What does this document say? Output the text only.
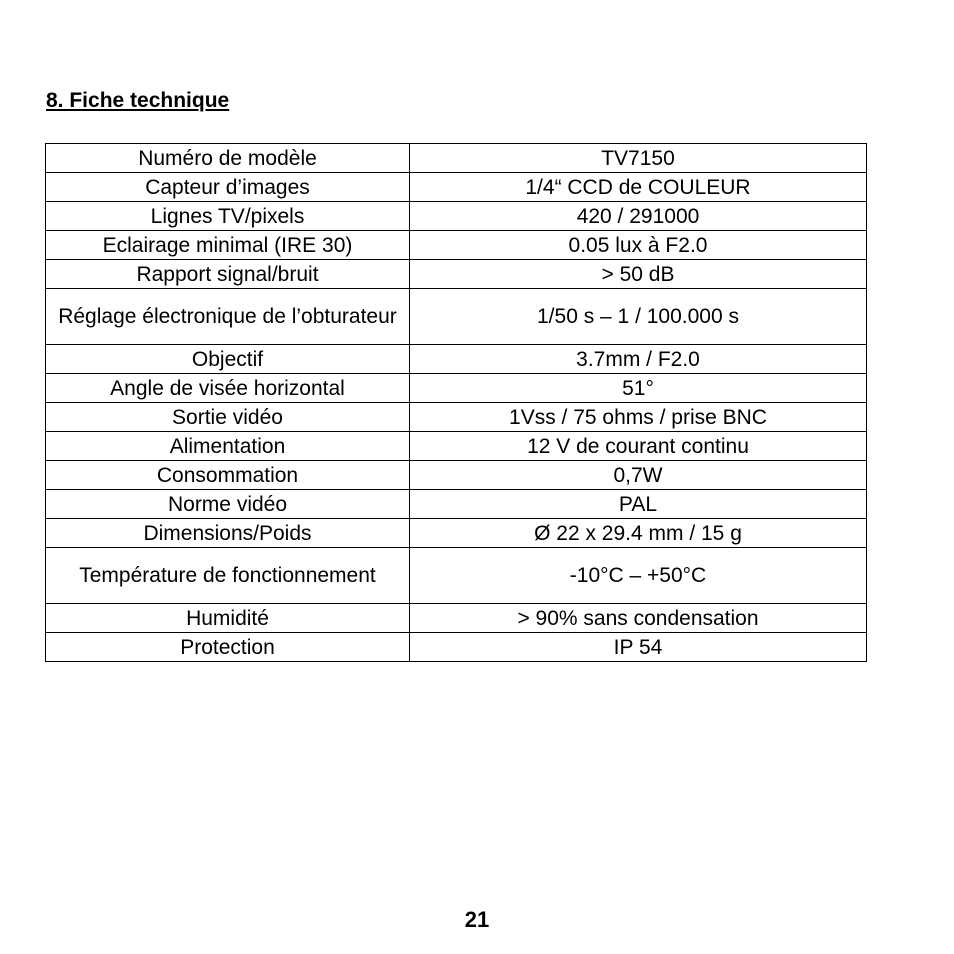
8. Fiche technique
Numéro de modèle	TV7150
Capteur d’images	1/4“ CCD de COULEUR
Lignes TV/pixels	420 / 291000
Eclairage minimal (IRE 30)	0.05 lux à F2.0
Rapport signal/bruit	> 50 dB
Réglage électronique de l’obturateur	1/50 s – 1 / 100.000 s
Objectif	3.7mm / F2.0
Angle de visée horizontal	51°
Sortie vidéo	1Vss / 75 ohms / prise BNC
Alimentation	12 V de courant continu
Consommation	0,7W
Norme vidéo	PAL
Dimensions/Poids	Ø 22 x 29.4 mm / 15 g
Température de fonctionnement	-10°C – +50°C
Humidité	> 90% sans condensation
Protection	IP 54
21
